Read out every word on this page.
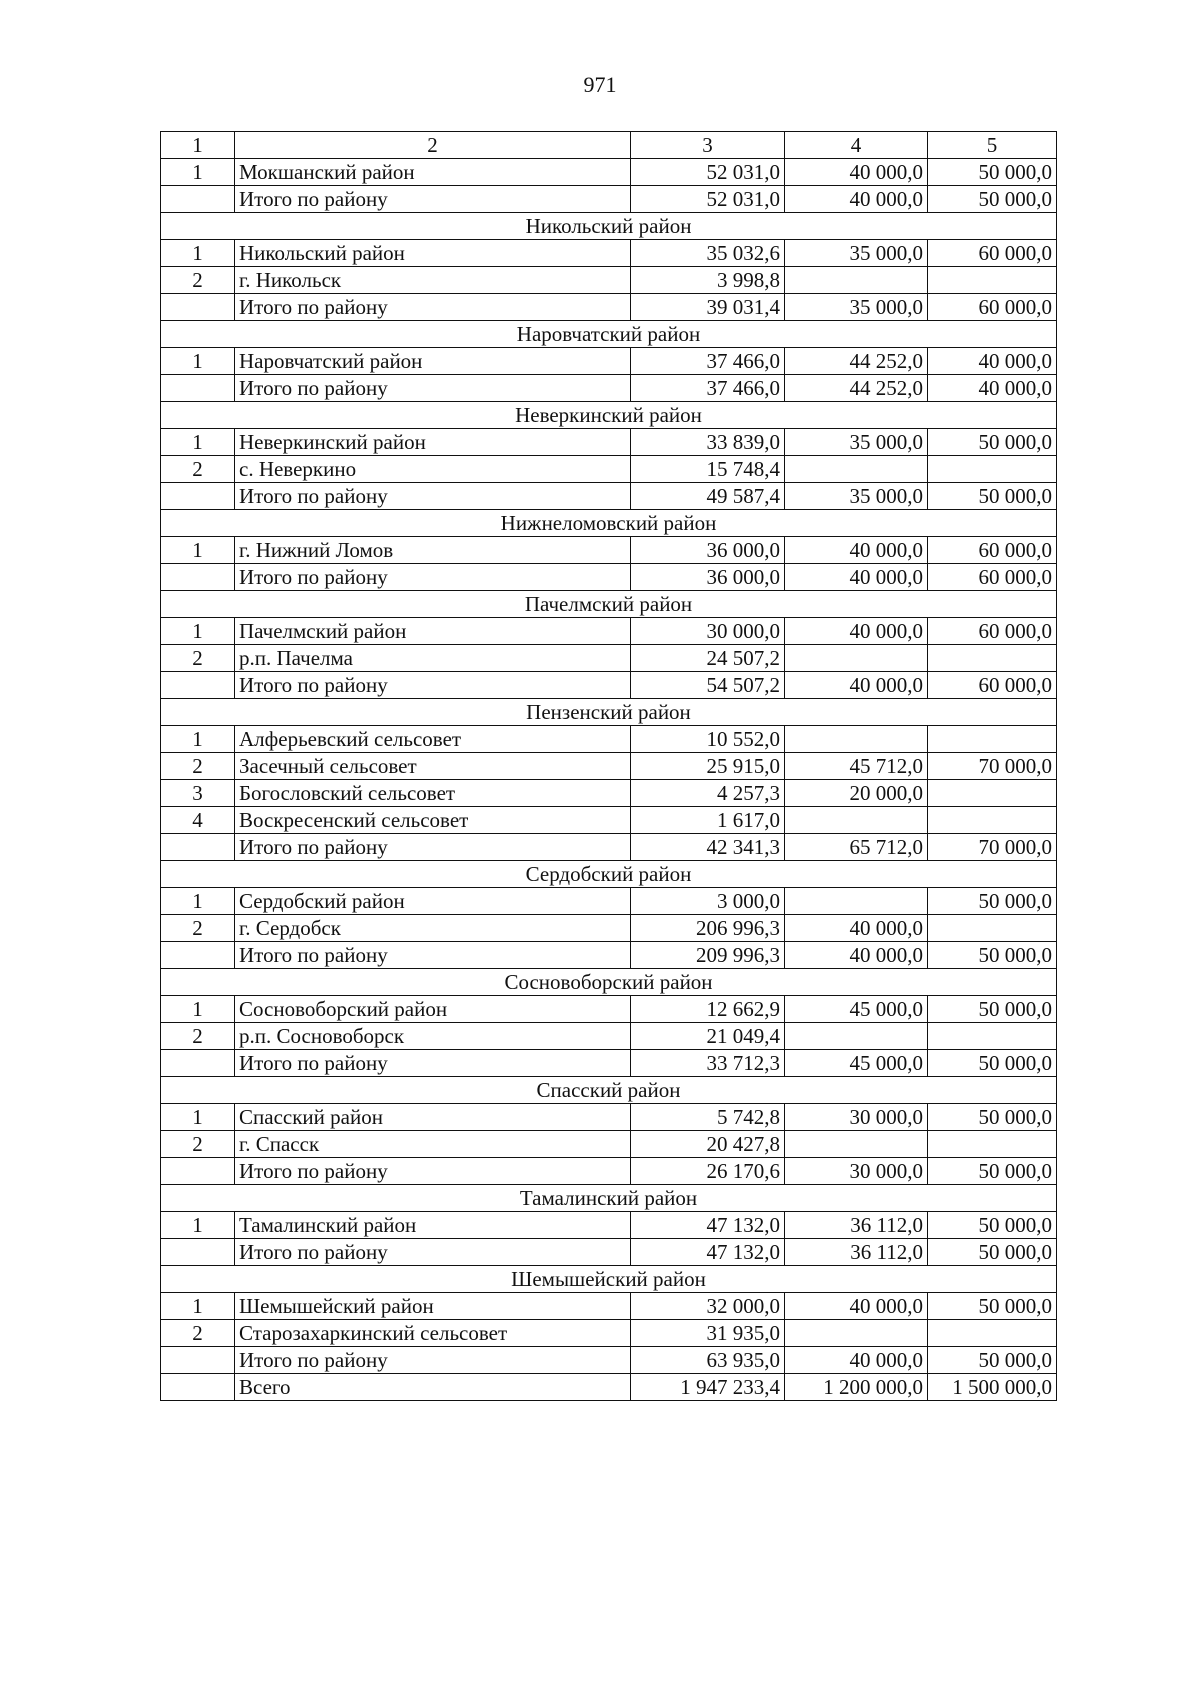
971
1	2	3	4	5
1	Мокшанский район	52 031,0	40 000,0	50 000,0
	Итого по району	52 031,0	40 000,0	50 000,0
Никольский район				
1	Никольский район	35 032,6	35 000,0	60 000,0
2	г. Никольск	3 998,8		
	Итого по району	39 031,4	35 000,0	60 000,0
Наровчатский район				
1	Наровчатский район	37 466,0	44 252,0	40 000,0
	Итого по району	37 466,0	44 252,0	40 000,0
Неверкинский район				
1	Неверкинский район	33 839,0	35 000,0	50 000,0
2	с. Неверкино	15 748,4		
	Итого по району	49 587,4	35 000,0	50 000,0
Нижнеломовский район				
1	г. Нижний Ломов	36 000,0	40 000,0	60 000,0
	Итого по району	36 000,0	40 000,0	60 000,0
Пачелмский район				
1	Пачелмский район	30 000,0	40 000,0	60 000,0
2	р.п. Пачелма	24 507,2		
	Итого по району	54 507,2	40 000,0	60 000,0
Пензенский район				
1	Алферьевский сельсовет	10 552,0		
2	Засечный сельсовет	25 915,0	45 712,0	70 000,0
3	Богословский сельсовет	4 257,3	20 000,0	
4	Воскресенский сельсовет	1 617,0		
	Итого по району	42 341,3	65 712,0	70 000,0
Сердобский район				
1	Сердобский район	3 000,0		50 000,0
2	г. Сердобск	206 996,3	40 000,0	
	Итого по району	209 996,3	40 000,0	50 000,0
Сосновоборский район				
1	Сосновоборский район	12 662,9	45 000,0	50 000,0
2	р.п. Сосновоборск	21 049,4		
	Итого по району	33 712,3	45 000,0	50 000,0
Спасский район				
1	Спасский район	5 742,8	30 000,0	50 000,0
2	г. Спасск	20 427,8		
	Итого по району	26 170,6	30 000,0	50 000,0
Тамалинский район				
1	Тамалинский район	47 132,0	36 112,0	50 000,0
	Итого по району	47 132,0	36 112,0	50 000,0
Шемышейский район				
1	Шемышейский район	32 000,0	40 000,0	50 000,0
2	Старозахаркинский сельсовет	31 935,0		
	Итого по району	63 935,0	40 000,0	50 000,0
	Всего	1 947 233,4	1 200 000,0	1 500 000,0
